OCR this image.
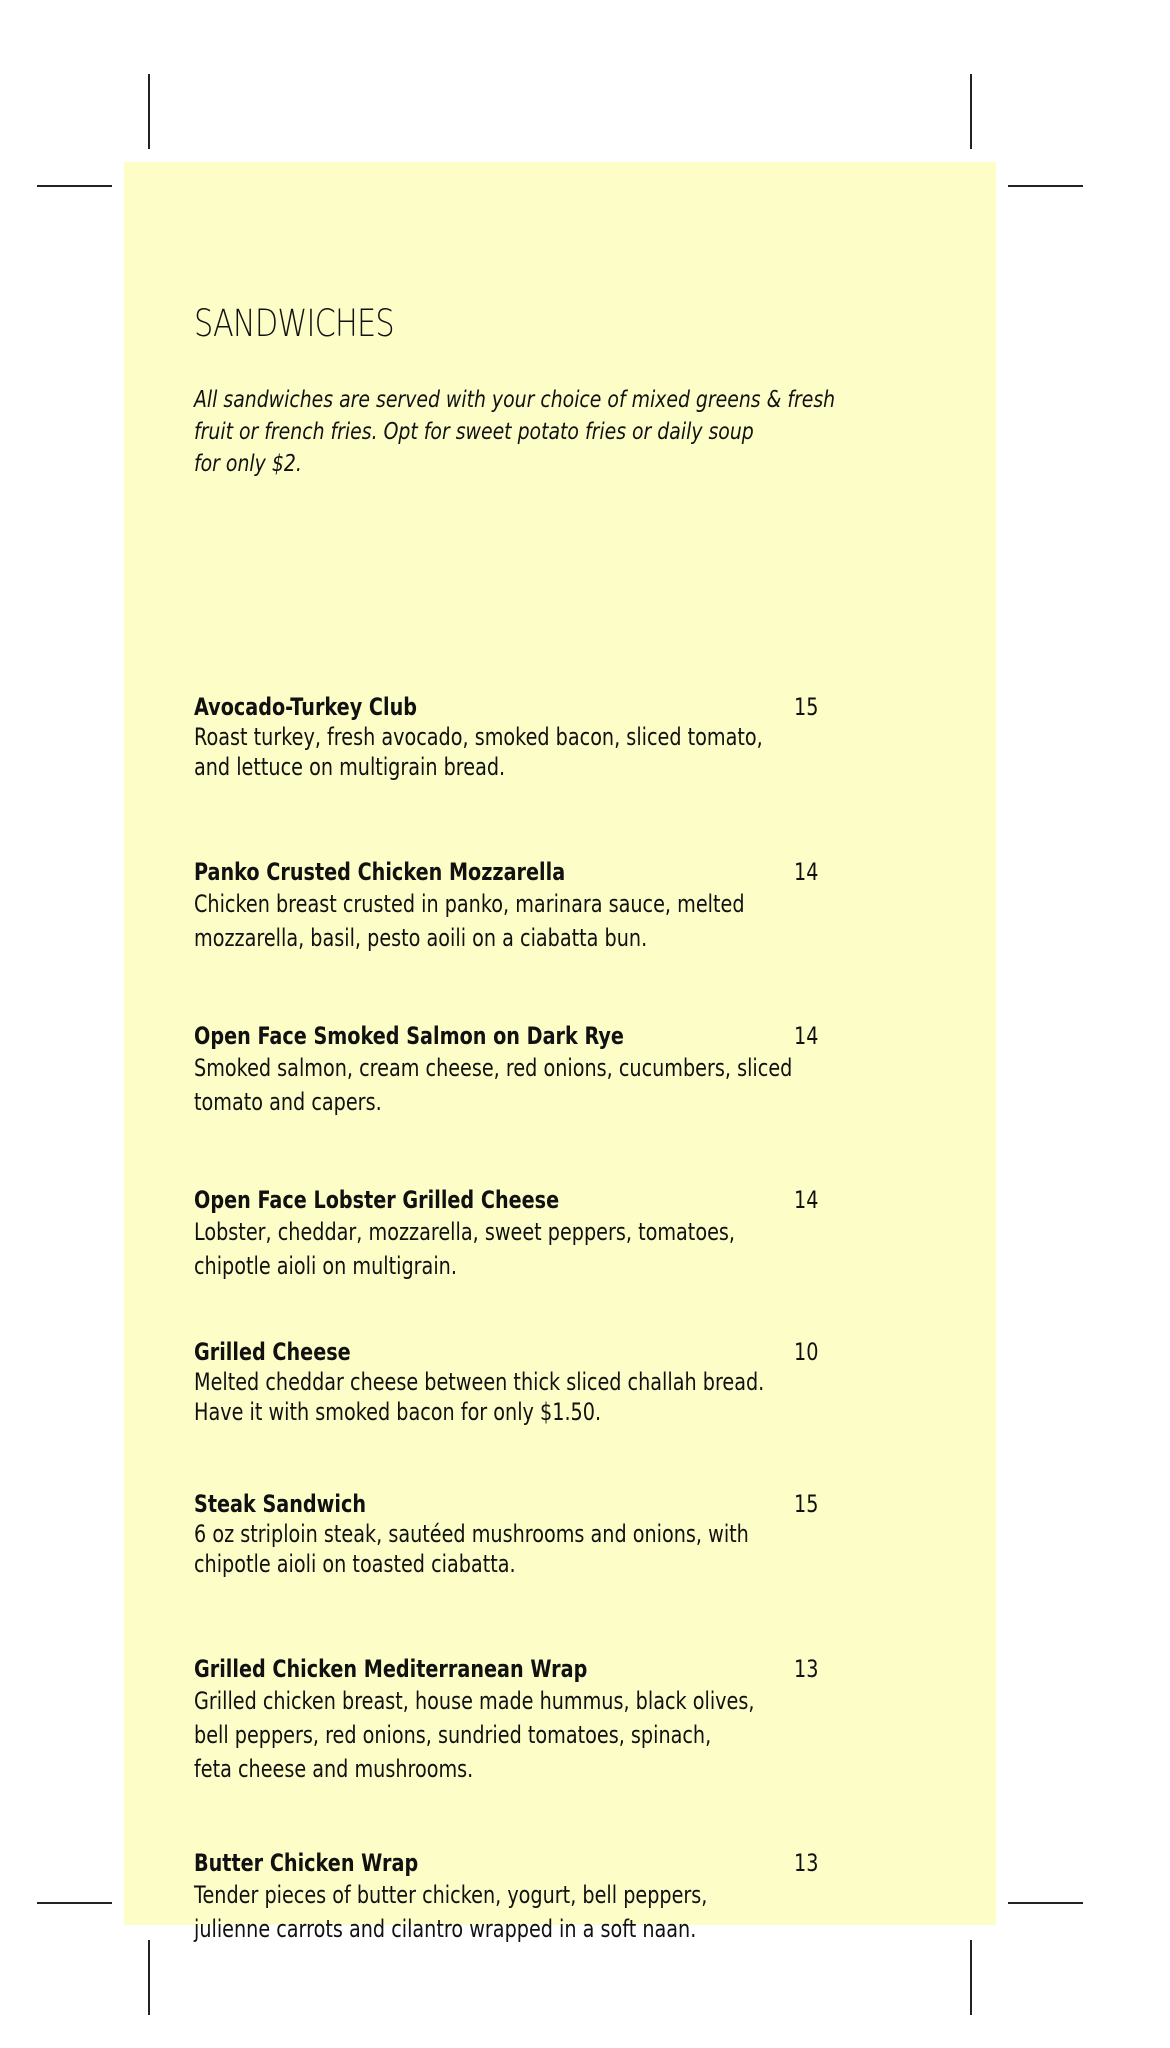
SANDWICHES
All sandwiches are served with your choice of mixed greens & fresh
fruit or french fries. Opt for sweet potato fries or daily soup
for only $2.
Avocado-Turkey Club	15
Roast turkey, fresh avocado, smoked bacon, sliced tomato,
and lettuce on multigrain bread.
Panko Crusted Chicken Mozzarella	14
Chicken breast crusted in panko, marinara sauce, melted
mozzarella, basil, pesto aoili on a ciabatta bun.
Open Face Smoked Salmon on Dark Rye	14
Smoked salmon, cream cheese, red onions, cucumbers, sliced
tomato and capers.
Open Face Lobster Grilled Cheese	14
Lobster, cheddar, mozzarella, sweet peppers, tomatoes,
chipotle aioli on multigrain.
Grilled Cheese	10
Melted cheddar cheese between thick sliced challah bread.
Have it with smoked bacon for only $1.50.
Steak Sandwich	15
6 oz striploin steak, sautéed mushrooms and onions, with
chipotle aioli on toasted ciabatta.
Grilled Chicken Mediterranean Wrap	13
Grilled chicken breast, house made hummus, black olives,
bell peppers, red onions, sundried tomatoes, spinach,
feta cheese and mushrooms.
Butter Chicken Wrap	13
Tender pieces of butter chicken, yogurt, bell peppers,
julienne carrots and cilantro wrapped in a soft naan.
